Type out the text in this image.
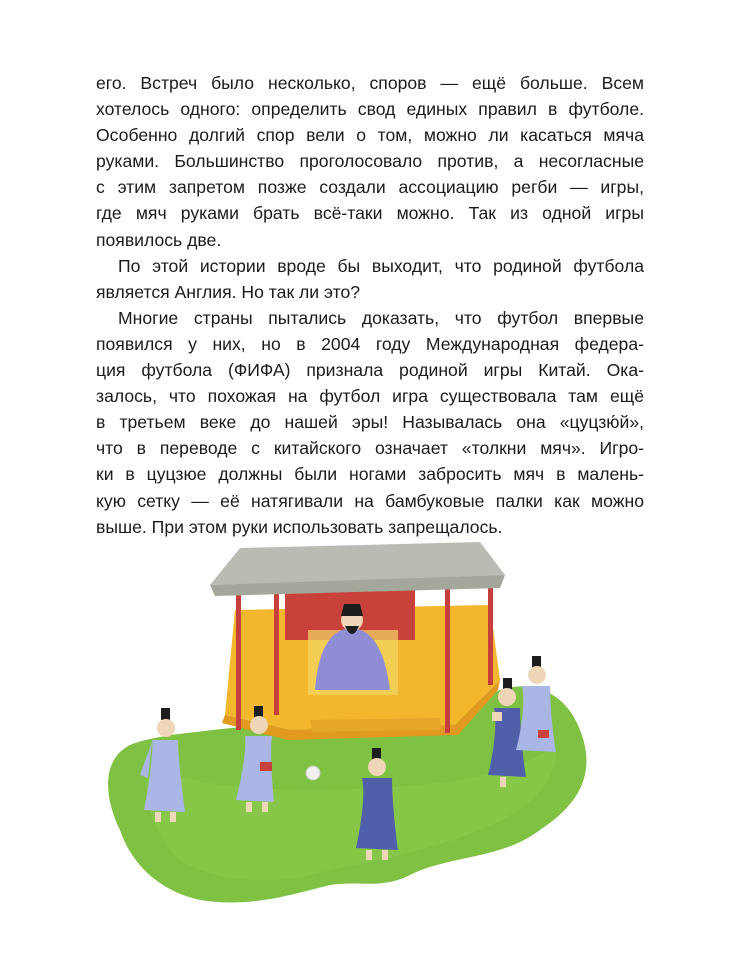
его. Встреч было несколько, споров — ещё больше. Всем
хотелось одного: определить свод единых правил в футболе.
Особенно долгий спор вели о том, можно ли касаться мяча
руками. Большинство проголосовало против, а несогласные
с этим запретом позже создали ассоциацию регби — игры,
где мяч руками брать всё-таки можно. Так из одной игры
появилось две.
По этой истории вроде бы выходит, что родиной футбола
является Англия. Но так ли это?
Многие страны пытались доказать, что футбол впервые
появился у них, но в 2004 году Международная федера-
ция футбола (ФИФА) признала родиной игры Китай. Ока-
залось, что похожая на футбол игра существовала там ещё
в третьем веке до нашей эры! Называлась она «цуцзю́й»,
что в переводе с китайского означает «толкни мяч». Игро-
ки в цуцзюе должны были ногами забросить мяч в малень-
кую сетку — её натягивали на бамбуковые палки как можно
выше. При этом руки использовать запрещалось.
